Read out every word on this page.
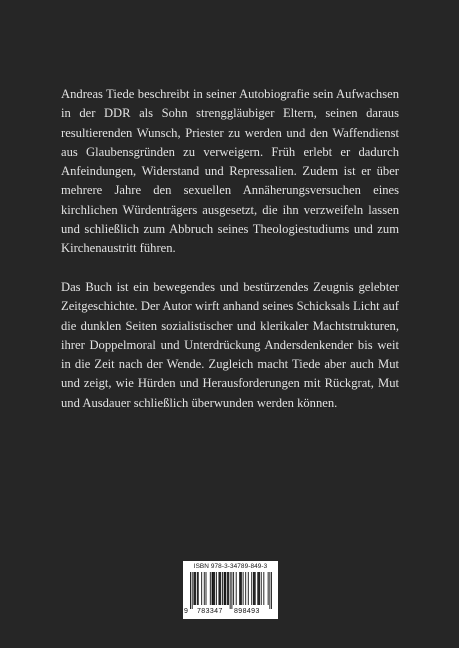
Andreas Tiede beschreibt in seiner Autobiografie sein Aufwachsen in der DDR als Sohn strenggläubiger Eltern, seinen daraus resultierenden Wunsch, Priester zu werden und den Waffendienst aus Glaubensgründen zu verweigern. Früh erlebt er dadurch Anfeindungen, Widerstand und Repressalien. Zudem ist er über mehrere Jahre den sexuellen Annäherungsversuchen eines kirchlichen Würdenträgers ausgesetzt, die ihn verzweifeln lassen und schließlich zum Abbruch seines Theologiestudiums und zum Kirchenaustritt führen.

Das Buch ist ein bewegendes und bestürzendes Zeugnis gelebter Zeitgeschichte. Der Autor wirft anhand seines Schicksals Licht auf die dunklen Seiten sozialistischer und klerikaler Machtstrukturen, ihrer Doppelmoral und Unterdrückung Andersdenkender bis weit in die Zeit nach der Wende. Zugleich macht Tiede aber auch Mut und zeigt, wie Hürden und Herausforderungen mit Rückgrat, Mut und Ausdauer schließlich überwunden werden können.

ISBN 978-3-34789-849-3
9 783347 898493
